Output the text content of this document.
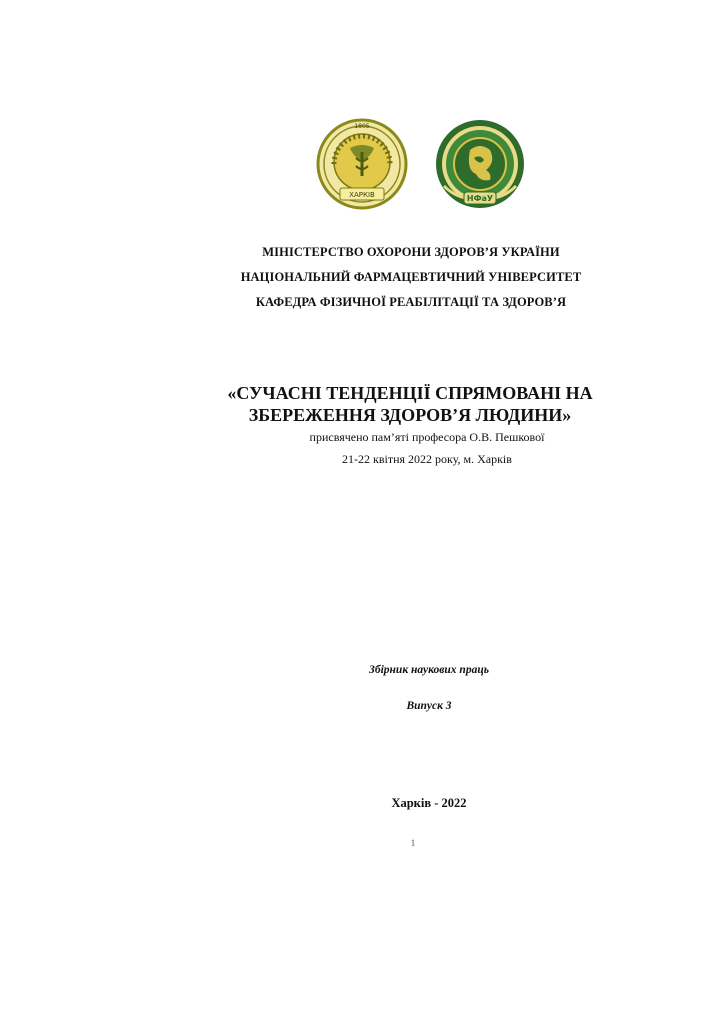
ХАРКІВ
1805
НФаУ

МІНІСТЕРСТВО ОХОРОНИ ЗДОРОВ’Я УКРАЇНИ

НАЦІОНАЛЬНИЙ ФАРМАЦЕВТИЧНИЙ УНІВЕРСИТЕТ

КАФЕДРА ФІЗИЧНОЇ РЕАБІЛІТАЦІЇ ТА ЗДОРОВ’Я

«СУЧАСНІ ТЕНДЕНЦІЇ СПРЯМОВАНІ НА

ЗБЕРЕЖЕННЯ ЗДОРОВ’Я ЛЮДИНИ»

присвячено пам’яті професора О.В. Пешкової

21-22 квітня 2022 року, м. Харків

Збірник наукових праць
Випуск 3
Харків - 2022
1
